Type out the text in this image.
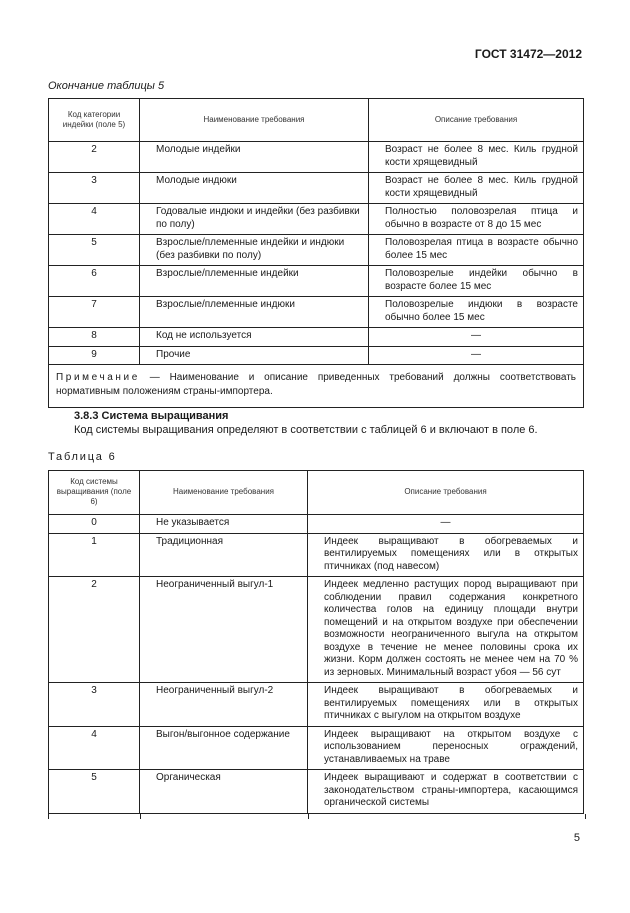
ГОСТ 31472—2012
Окончание таблицы 5
Код категории индейки (поле 5)	Наименование требования	Описание требования
2	Молодые индейки	Возраст не более 8 мес. Киль грудной кости хрящевидный
3	Молодые индюки	Возраст не более 8 мес. Киль грудной кости хрящевидный
4	Годовалые индюки и индейки (без разбивки по полу)	Полностью половозрелая птица и обычно в возрасте от 8 до 15 мес
5	Взрослые/племенные индейки и индюки (без разбивки по полу)	Половозрелая птица в возрасте обычно более 15 мес
6	Взрослые/племенные индейки	Половозрелые индейки обычно в возрасте более 15 мес
7	Взрослые/племенные индюки	Половозрелые индюки в возрасте обычно более 15 мес
8	Код не используется	—
9	Прочие	—
Примечание — Наименование и описание приведенных требований должны соответствовать нормативным положениям страны-импортера.		
3.8.3 Система выращивания
Код системы выращивания определяют в соответствии с таблицей 6 и включают в поле 6.
Таблица 6
Код системы выращивания (поле 6)	Наименование требования	Описание требования
0	Не указывается	—
1	Традиционная	Индеек выращивают в обогреваемых и вентилируемых помещениях или в открытых птичниках (под навесом)
2	Неограниченный выгул-1	Индеек медленно растущих пород выращивают при соблюдении правил содержания конкретного количества голов на единицу площади внутри помещений и на открытом воздухе при обеспечении возможности неограниченного выгула на открытом воздухе в течение не менее половины срока их жизни. Корм должен состоять не менее чем на 70 % из зерновых. Минимальный возраст убоя — 56 сут
3	Неограниченный выгул-2	Индеек выращивают в обогреваемых и вентилируемых помещениях или в открытых птичниках с выгулом на открытом воздухе
4	Выгон/выгонное содержание	Индеек выращивают на открытом воздухе с использованием переносных ограждений, устанавливаемых на траве
5	Органическая	Индеек выращивают и содержат в соответствии с законодательством страны-импортера, касающимся органической системы
5
